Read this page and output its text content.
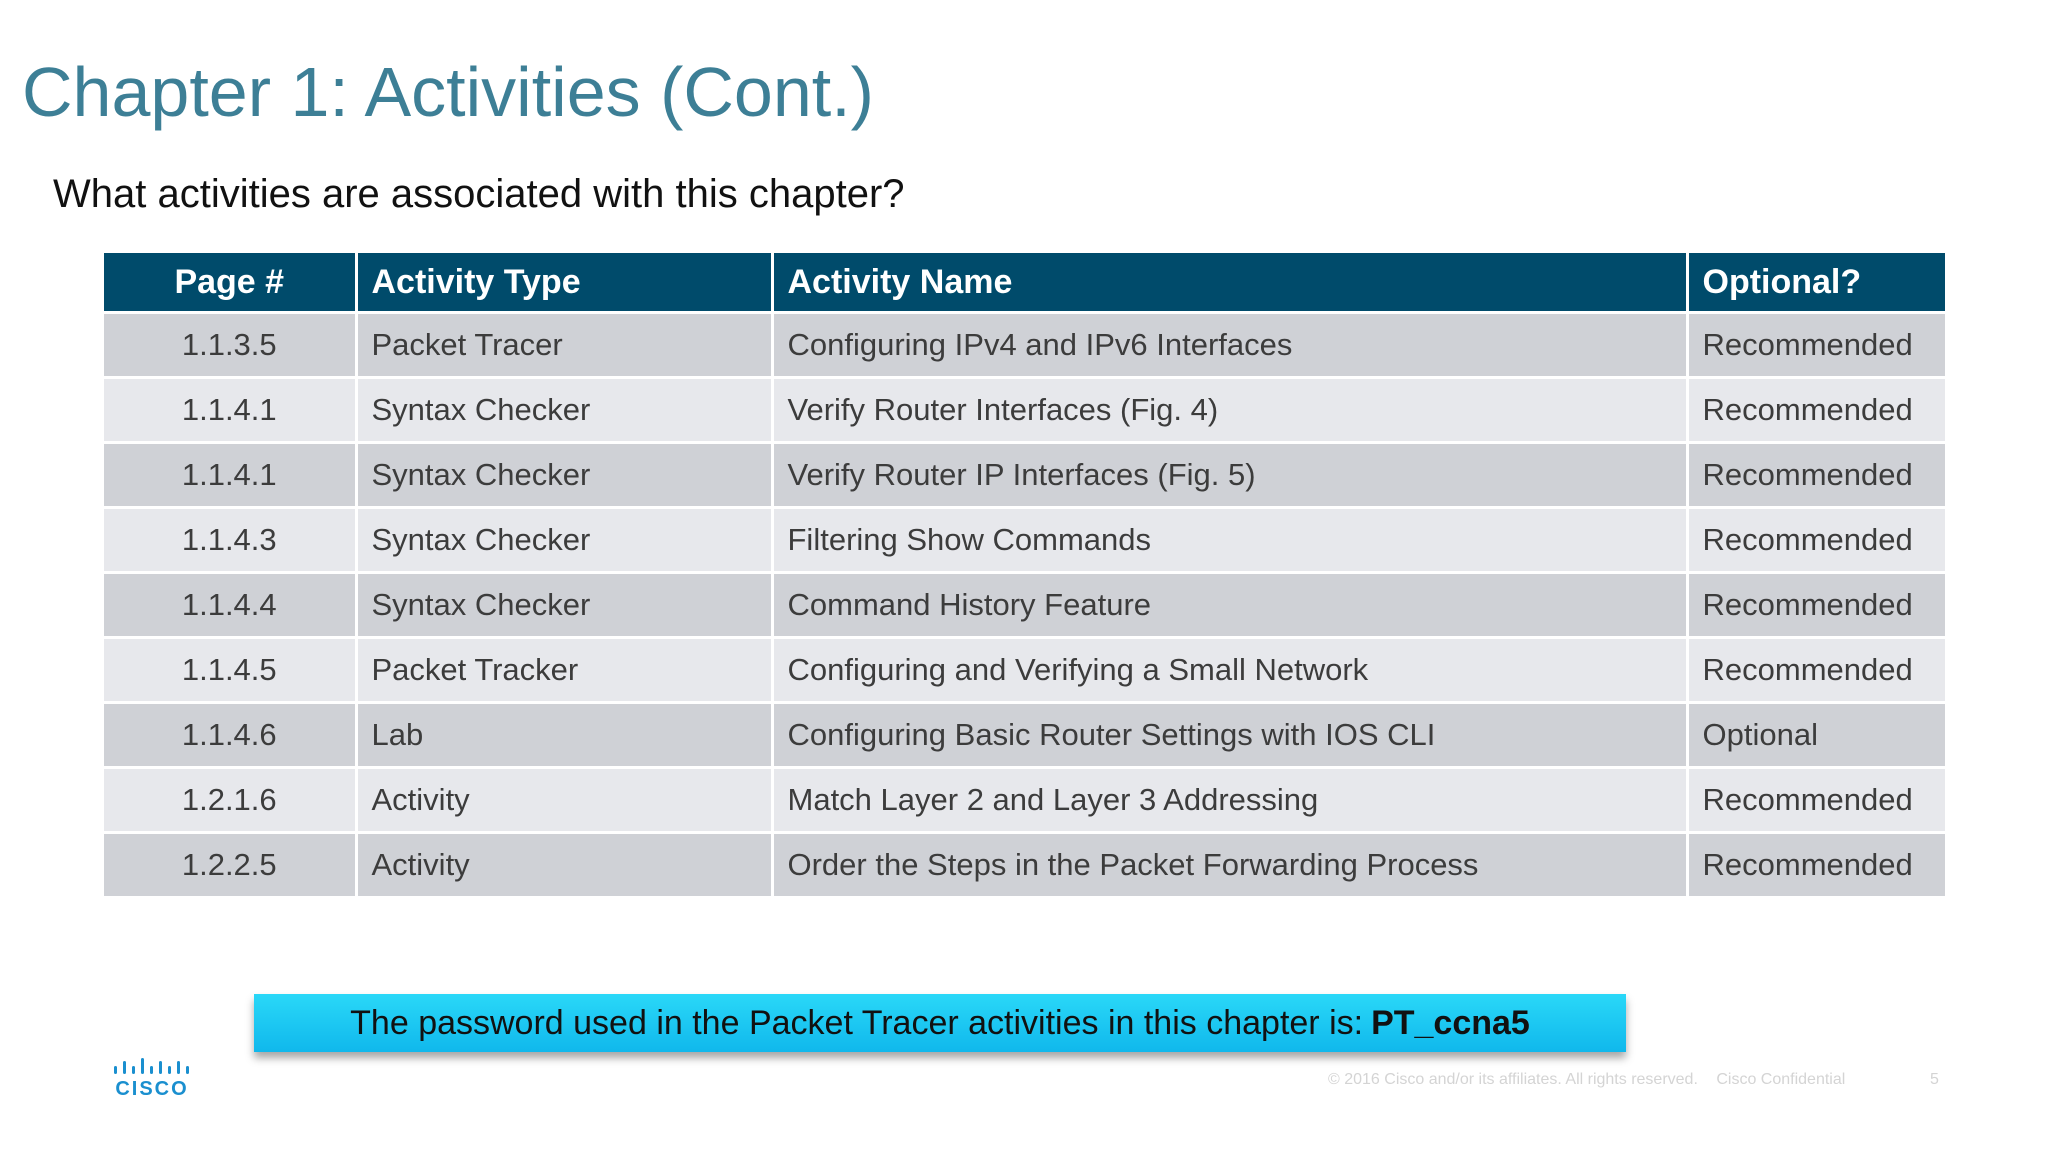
Chapter 1: Activities (Cont.)
What activities are associated with this chapter?
Page #	Activity Type	Activity Name	Optional?
1.1.3.5	Packet Tracer	Configuring IPv4 and IPv6 Interfaces	Recommended
1.1.4.1	Syntax Checker	Verify Router Interfaces (Fig. 4)	Recommended
1.1.4.1	Syntax Checker	Verify Router IP Interfaces (Fig. 5)	Recommended
1.1.4.3	Syntax Checker	Filtering Show Commands	Recommended
1.1.4.4	Syntax Checker	Command History Feature	Recommended
1.1.4.5	Packet Tracker	Configuring and Verifying a Small Network	Recommended
1.1.4.6	Lab	Configuring Basic Router Settings with IOS CLI	Optional
1.2.1.6	Activity	Match Layer 2 and Layer 3 Addressing	Recommended
1.2.2.5	Activity	Order the Steps in the Packet Forwarding Process	Recommended
The password used in the Packet Tracer activities in this chapter is: PT_ccna5
CISCO	© 2016 Cisco and/or its affiliates. All rights reserved. Cisco Confidential	5
